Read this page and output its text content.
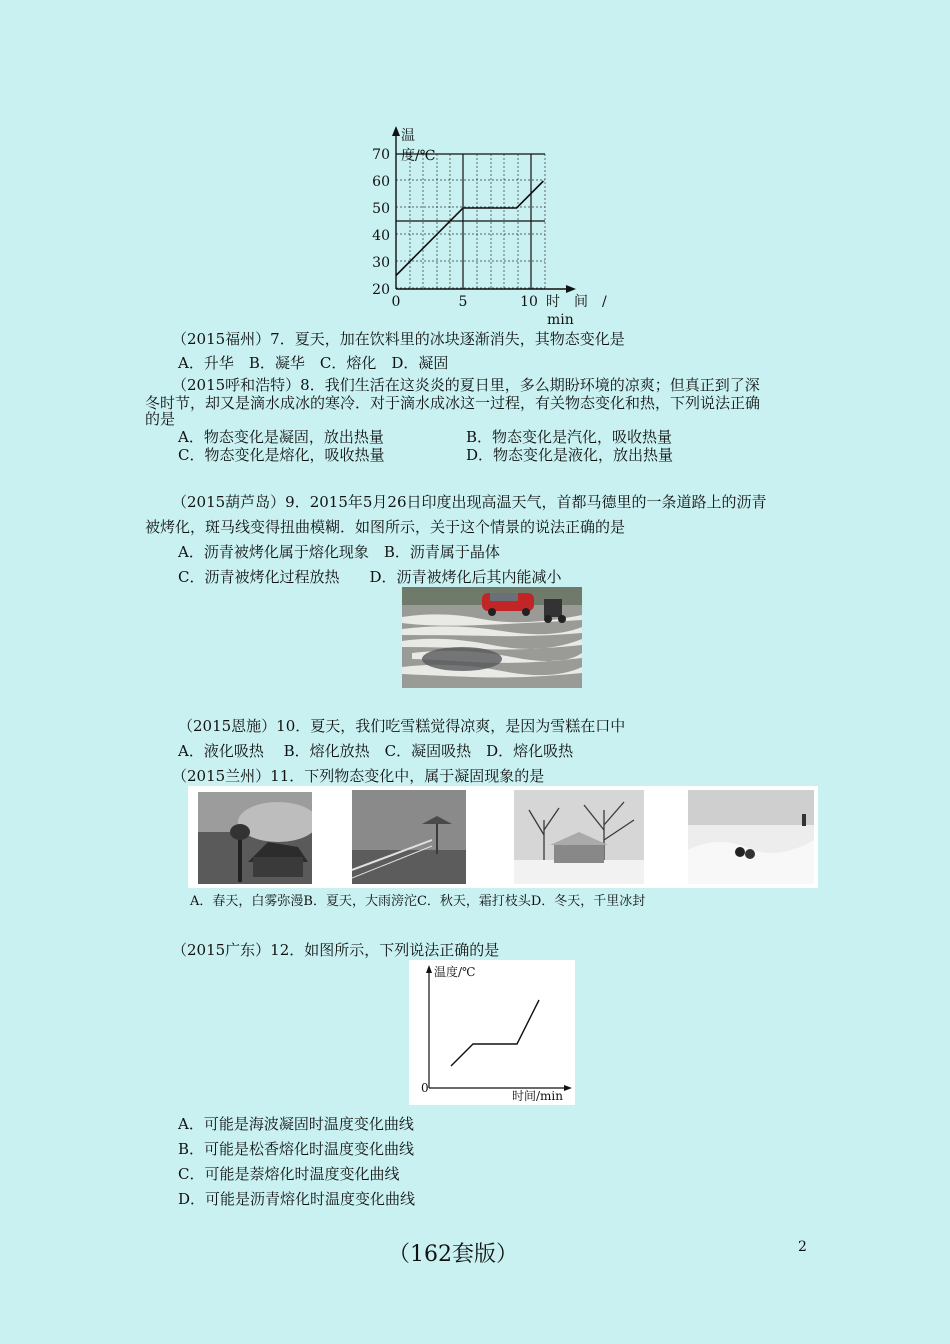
温
度/℃
70
60
50
40
30
20
0	5	10 时　间　/
min
（2015福州）7．夏天，加在饮料里的冰块逐渐消失，其物态变化是
A．升华　B．凝华　C．熔化　D．凝固
（2015呼和浩特）8．我们生活在这炎炎的夏日里，多么期盼环境的凉爽；但真正到了深
冬时节，却又是滴水成冰的寒冷．对于滴水成冰这一过程，有关物态变化和热，下列说法正确
的是
A．物态变化是凝固，放出热量	B．物态变化是汽化，吸收热量
C．物态变化是熔化，吸收热量	D．物态变化是液化，放出热量
（2015葫芦岛）9．2015年5月26日印度出现高温天气，首都马德里的一条道路上的沥青
被烤化，斑马线变得扭曲模糊．如图所示，关于这个情景的说法正确的是
A．沥青被烤化属于熔化现象　B．沥青属于晶体
C．沥青被烤化过程放热　　D．沥青被烤化后其内能减小
（2015恩施）10．夏天，我们吃雪糕觉得凉爽，是因为雪糕在口中
A．液化吸热　 B．熔化放热　C．凝固吸热　D．熔化吸热
（2015兰州）11．下列物态变化中，属于凝固现象的是
A．春天，白雾弥漫B．夏天，大雨滂沱C．秋天，霜打枝头D．冬天，千里冰封
（2015广东）12．如图所示，下列说法正确的是
温度/℃
0
时间/min
A．可能是海波凝固时温度变化曲线
B．可能是松香熔化时温度变化曲线
C．可能是萘熔化时温度变化曲线
D．可能是沥青熔化时温度变化曲线
（162套版）	2
